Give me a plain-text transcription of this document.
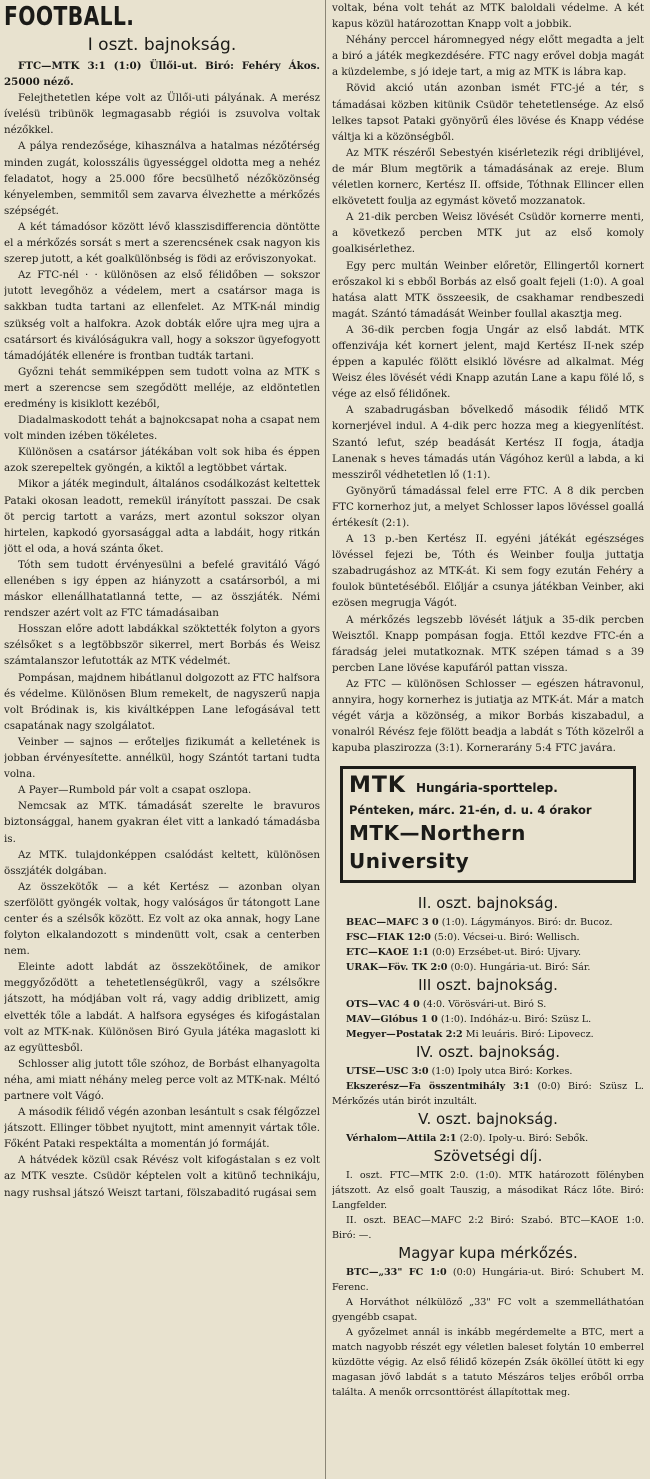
FOOTBALL.
I oszt. bajnokság.

FTC—MTK 3:1 (1:0) Üllői-ut. Biró: Fehéry Ákos. 25000 néző.

Felejthetetlen képe volt az Üllői-uti pályának. A merész ívelésü tribünök legmagasabb régiói is zsuvolva voltak nézőkkel.

A pálya rendezősége, kihasználva a hatalmas nézőtérség minden zugát, kolosszális ügyességgel oldotta meg a nehéz feladatot, hogy a 25.000 főre becsülhető nézőközönség kényelemben, semmitől sem zavarva élvezhette a mérkőzés szépségét.

A két támadósor között lévő klasszisdifferencia döntötte el a mérkőzés sorsát s mert a szerencsének csak nagyon kis szerep jutott, a két goalkülönbség is födi az erőviszonyokat.

Az FTC-nél · · különösen az első félidőben — sokszor jutott levegőhöz a védelem, mert a csatársor maga is sakkban tudta tartani az ellenfelet. Az MTK-nál mindig szükség volt a halfokra. Azok dobták előre ujra meg ujra a csatársort és kiválóságukra vall, hogy a sokszor ügyefogyott támadójáték ellenére is frontban tudták tartani.

Győzni tehát semmiképpen sem tudott volna az MTK s mert a szerencse sem szegődött melléje, az eldöntetlen eredmény is kisiklott kezéből,

Diadalmaskodott tehát a bajnokcsapat noha a csapat nem volt minden izében tökéletes.

Különösen a csatársor játékában volt sok hiba és éppen azok szerepeltek gyöngén, a kiktől a legtöbbet vártak.

Mikor a játék megindult, általános csodálkozást keltettek Pataki okosan leadott, remekül irányított passzai. De csak öt percig tartott a varázs, mert azontul sokszor olyan hirtelen, kapkodó gyorsasággal adta a labdáit, hogy ritkán jött el oda, a hová szánta őket.

Tóth sem tudott érvényesülni a befelé gravitáló Vágó ellenében s igy éppen az hiányzott a csatársorból, a mi máskor ellenállhatatlanná tette, — az összjáték. Némi rendszer azért volt az FTC támadásaiban

Hosszan előre adott labdákkal szöktették folyton a gyors szélsőket s a legtöbbször sikerrel, mert Borbás és Weisz számtalanszor lefutották az MTK védelmét.

Pompásan, majdnem hibátlanul dolgozott az FTC halfsora és védelme. Különösen Blum remekelt, de nagyszerű napja volt Bródinak is, kis kiváltképpen Lane lefogásával tett csapatának nagy szolgálatot.

Veinber — sajnos — erőteljes fizikumát a kelletének is jobban érvényesítette. annélkül, hogy Szántót tartani tudta volna.

A Payer—Rumbold pár volt a csapat oszlopa.

Nemcsak az MTK. támadását szerelte le bravuros biztonsággal, hanem gyakran élet vitt a lankadó támadásba is.

Az MTK. tulajdonképpen csalódást keltett, különösen összjáték dolgában.

Az összekötők — a két Kertész — azonban olyan szerfölött gyöngék voltak, hogy valóságos űr tátongott Lane center és a szélsők között. Ez volt az oka annak, hogy Lane folyton elkalandozott s mindenütt volt, csak a centerben nem.

Eleinte adott labdát az összekötőinek, de amikor meggyőződött a tehetetlenségükről, vagy a szélsőkre játszott, ha módjában volt rá, vagy addig driblizett, amig elvették tőle a labdát. A halfsora egységes és kifogástalan volt az MTK-nak. Különösen Biró Gyula játéka magaslott ki az együttesből.

Schlosser alig jutott tőle szóhoz, de Borbást elhanyagolta néha, ami miatt néhány meleg perce volt az MTK-nak. Méltó partnere volt Vágó.

A második félidő végén azonban lesántult s csak félgőzzel játszott. Ellinger többet nyujtott, mint amennyit vártak tőle. Főként Pataki respektálta a momentán jó formáját.

A hátvédek közül csak Révész volt kifogástalan s ez volt az MTK veszte. Csüdör képtelen volt a kitünő technikáju, nagy rushsal játszó Weiszt tartani, fölszabaditó rugásai sem

voltak, béna volt tehát az MTK baloldali védelme. A két kapus közül határozottan Knapp volt a jobbik.

Néhány perccel háromnegyed négy előtt megadta a jelt a biró a játék megkezdésére. FTC nagy erővel dobja magát a küzdelembe, s jó ideje tart, a mig az MTK is lábra kap.

Rövid akció után azonban ismét FTC-jé a tér, s támadásai közben kitünik Csüdör tehetetlensége. Az első lelkes tapsot Pataki gyönyörű éles lövése és Knapp védése váltja ki a közönségből.

Az MTK részéről Sebestyén kisérletezik régi dribliјével, de már Blum megtörik a támadásának az ereje. Blum véletlen kornerc, Kertész II. offside, Tóthnak Ellincer ellen elkövetett foulja az egymást követő mozzanatok.

A 21-dik percben Weisz lövését Csüdör kornerre menti, a következő percben MTK jut az első komoly goalkisérlethez.

Egy perc multán Weinber előretör, Ellingertől kornert erőszakol ki s ebből Borbás az első goalt fejeli (1:0). A goal hatása alatt MTK összeesik, de csakhamar rendbeszedi magát. Szántó támadását Weinber foullal akasztja meg.

A 36-dik percben fogja Ungár az első labdát. MTK offenzivája két kornert jelent, majd Kertész II-nek szép éppen a kapuléc fölött elsikló lövésre ad alkalmat. Még Weisz éles lövését védi Knapp azután Lane a kapu fölé lő, s vége az első félidőnek.

A szabadrugásban bővelkedő második félidő MTK kornerjével indul. A 4-dik perc hozza meg a kiegyenlítést. Szantó lefut, szép beadását Kertész II fogja, átadja Lanenak s heves támadás után Vágóhoz kerül a labda, a ki messziről védhetetlen lő (1:1).

Gyönyörű támadással felel erre FTC. A 8 dik percben FTC kornerhoz jut, a melyet Schlosser lapos lövéssel goallá értékesít (2:1).

A 13 p.-ben Kertész II. egyéni játékát egészséges lövéssel fejezi be, Tóth és Weinber foulja juttatja szabadrugáshoz az MTK-át. Ki sem fogy ezután Fehéry a foulok büntetéséből. Előljár a csunya játékban Veinber, aki ezösen megrugja Vágót.

A mérkőzés legszebb lövését látjuk a 35-dik percben Weisztől. Knapp pompásan fogja. Ettől kezdve FTC-én a fáradság jelei mutatkoznak. MTK szépen támad s a 39 percben Lane lövése kapufáról pattan vissza.

Az FTC — különösen Schlosser — egészen hátravonul, annyira, hogy kornerhez is jutiatja az MTK-át. Már a match végét várja a közönség, a mikor Borbás kiszabadul, a vonalról Révész feje fölött beadja a labdát s Tóth közelről a kapuba plaszirozza (3:1). Kornerarány 5:4 FTC javára.

MTK Hungária-sporttelep.
Pénteken, márc. 21-én, d. u. 4 órakor
MTK—Northern University
II. oszt. bajnokság.

BEAC—MAFC 3 0 (1:0). Lágymányos. Biró: dr. Bucoz.

FSC—FIAK 12:0 (5:0). Vécsei-u. Biró: Wellisch.

ETC—KAOE 1:1 (0:0) Erzsébet-ut. Biró: Ujvary.

URAK—Föv. TK 2:0 (0:0). Hungária-ut. Biró: Sár.

III oszt. bajnokság.

OTS—VAC 4 0 (4:0. Vörösvári-ut. Biró S.

MAV—Glóbus 1 0 (1:0). Indóház-u. Biró: Szüsz L.

Megyer—Postatak 2:2 Mi leuáris. Biró: Lipovecz.

IV. oszt. bajnokság.

UTSE—USC 3:0 (1:0) Ipoly utca Biró: Korkes.

Ekszerész—Fa összentmihály 3:1 (0:0) Biró: Szüsz L. Mérkőzés után birót inzultált.

V. oszt. bajnokság.

Vérhalom—Attila 2:1 (2:0). Ipoly-u. Biró: Sebők.

Szövetségi díj.

I. oszt. FTC—MTK 2:0. (1:0). MTK határozott fölényben játszott. Az első goalt Tauszig, a másodikat Rácz lőte. Biró: Langfelder.

II. oszt. BEAC—MAFC 2:2 Biró: Szabó. BTC—KAOE 1:0. Biró: —.

Magyar kupa mérkőzés.

BTC—„33" FC 1:0 (0:0) Hungária-ut. Biró: Schubert M. Ferenc.

A Horváthot nélkülöző „33" FC volt a szemmelláthatóan gyengébb csapat.

A győzelmet annál is inkább megérdemelte a BTC, mert a match nagyobb részét egy véletlen baleset folytán 10 emberrel küzdötte végig. Az első félidő közepén Zsák ökölleí ütött ki egy magasan jövő labdát s a tatuto Mészáros teljes erőből orrba találta. A menők orrcsonttörést állapítottak meg.
